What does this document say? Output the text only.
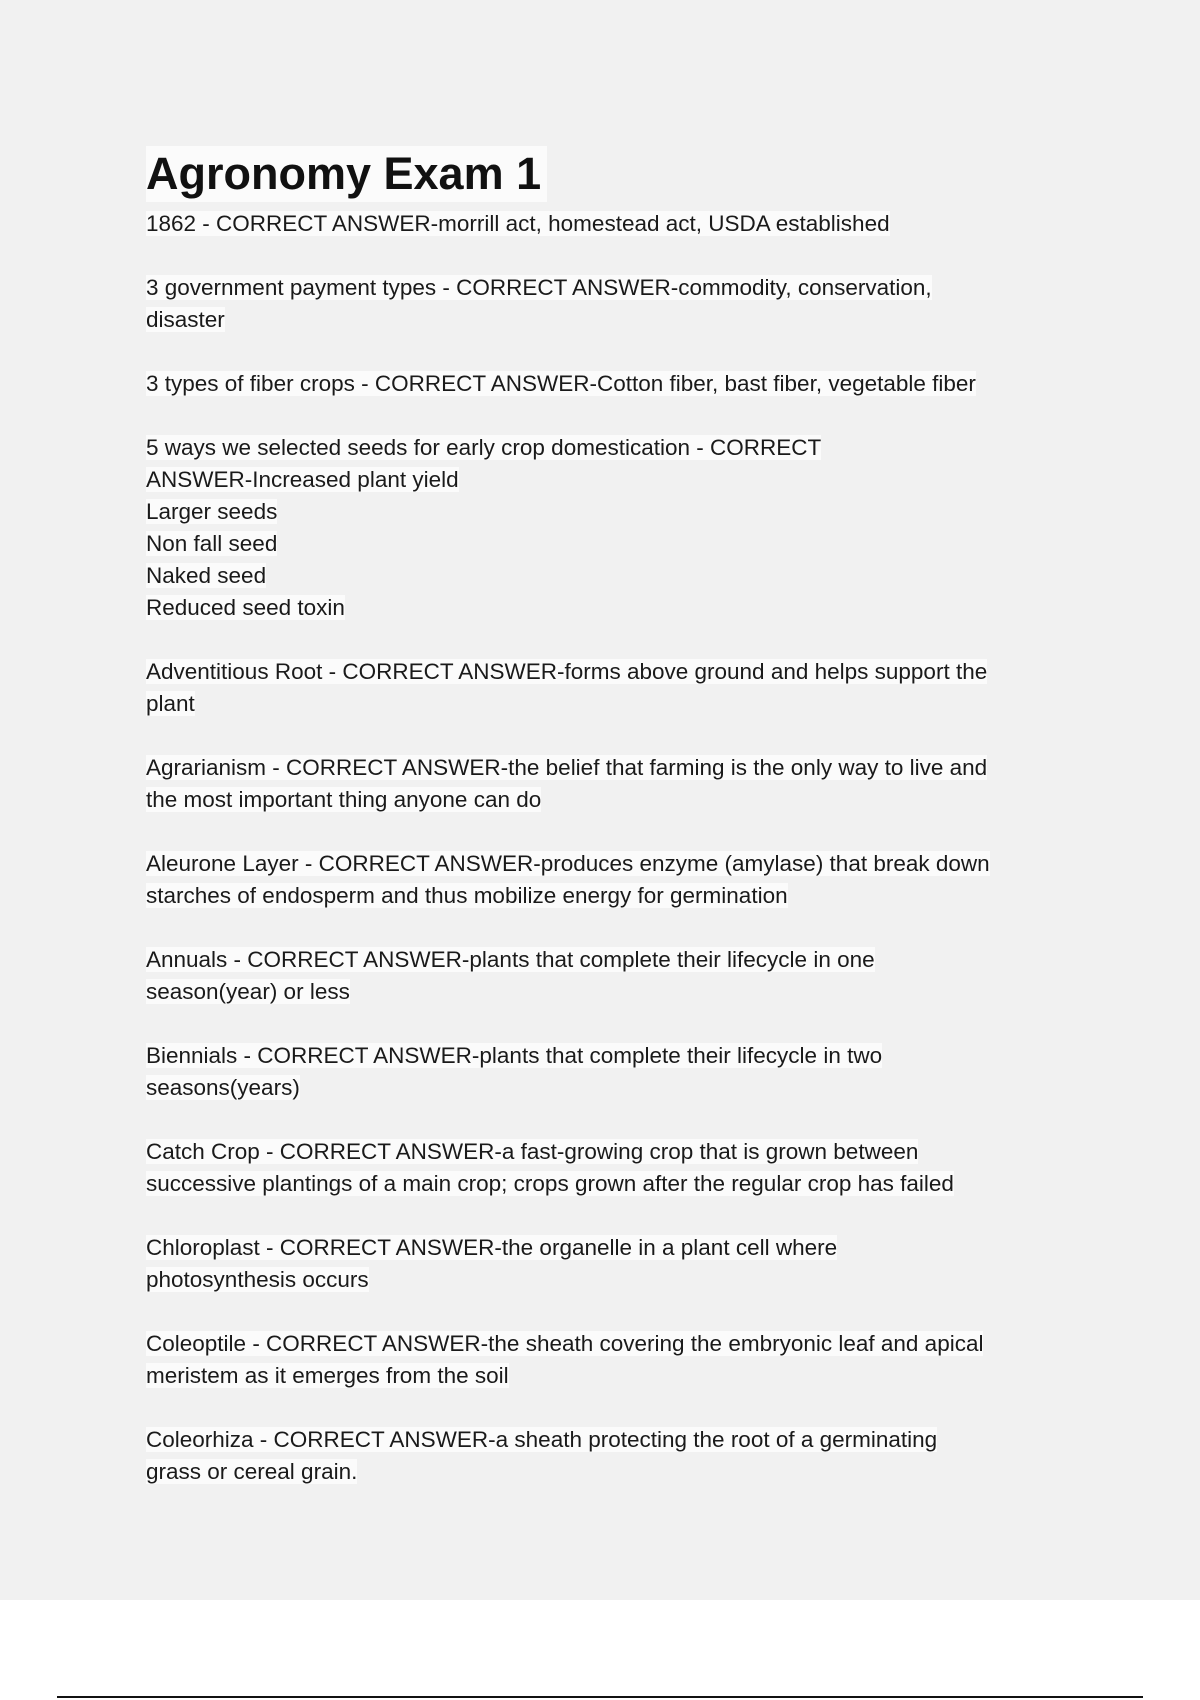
Agronomy Exam 1
1862 - CORRECT ANSWER-morrill act, homestead act, USDA established
3 government payment types - CORRECT ANSWER-commodity, conservation,
disaster
3 types of fiber crops - CORRECT ANSWER-Cotton fiber, bast fiber, vegetable fiber
5 ways we selected seeds for early crop domestication - CORRECT
ANSWER-Increased plant yield
Larger seeds
Non fall seed
Naked seed
Reduced seed toxin
Adventitious Root - CORRECT ANSWER-forms above ground and helps support the
plant
Agrarianism - CORRECT ANSWER-the belief that farming is the only way to live and
the most important thing anyone can do
Aleurone Layer - CORRECT ANSWER-produces enzyme (amylase) that break down
starches of endosperm and thus mobilize energy for germination
Annuals - CORRECT ANSWER-plants that complete their lifecycle in one
season(year) or less
Biennials - CORRECT ANSWER-plants that complete their lifecycle in two
seasons(years)
Catch Crop - CORRECT ANSWER-a fast-growing crop that is grown between
successive plantings of a main crop; crops grown after the regular crop has failed
Chloroplast - CORRECT ANSWER-the organelle in a plant cell where
photosynthesis occurs
Coleoptile - CORRECT ANSWER-the sheath covering the embryonic leaf and apical
meristem as it emerges from the soil
Coleorhiza - CORRECT ANSWER-a sheath protecting the root of a germinating
grass or cereal grain.
